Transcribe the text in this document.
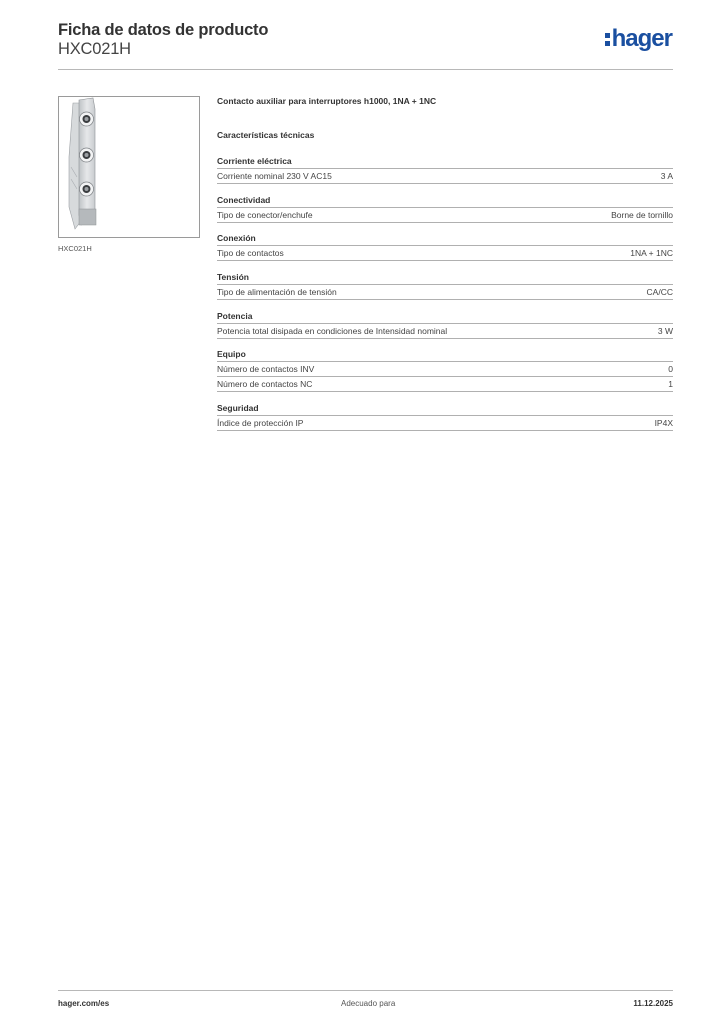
Ficha de datos de producto
HXC021H	hager
HXC021H
Contacto auxiliar para interruptores h1000, 1NA + 1NC
Características técnicas
Corriente eléctrica
Corriente nominal 230 V AC15	3 A
Conectividad
Tipo de conector/enchufe	Borne de tornillo
Conexión
Tipo de contactos	1NA + 1NC
Tensión
Tipo de alimentación de tensión	CA/CC
Potencia
Potencia total disipada en condiciones de Intensidad nominal	3 W
Equipo
Número de contactos INV	0
Número de contactos NC	1
Seguridad
Índice de protección IP	IP4X
hager.com/es	Adecuado para	11.12.2025
